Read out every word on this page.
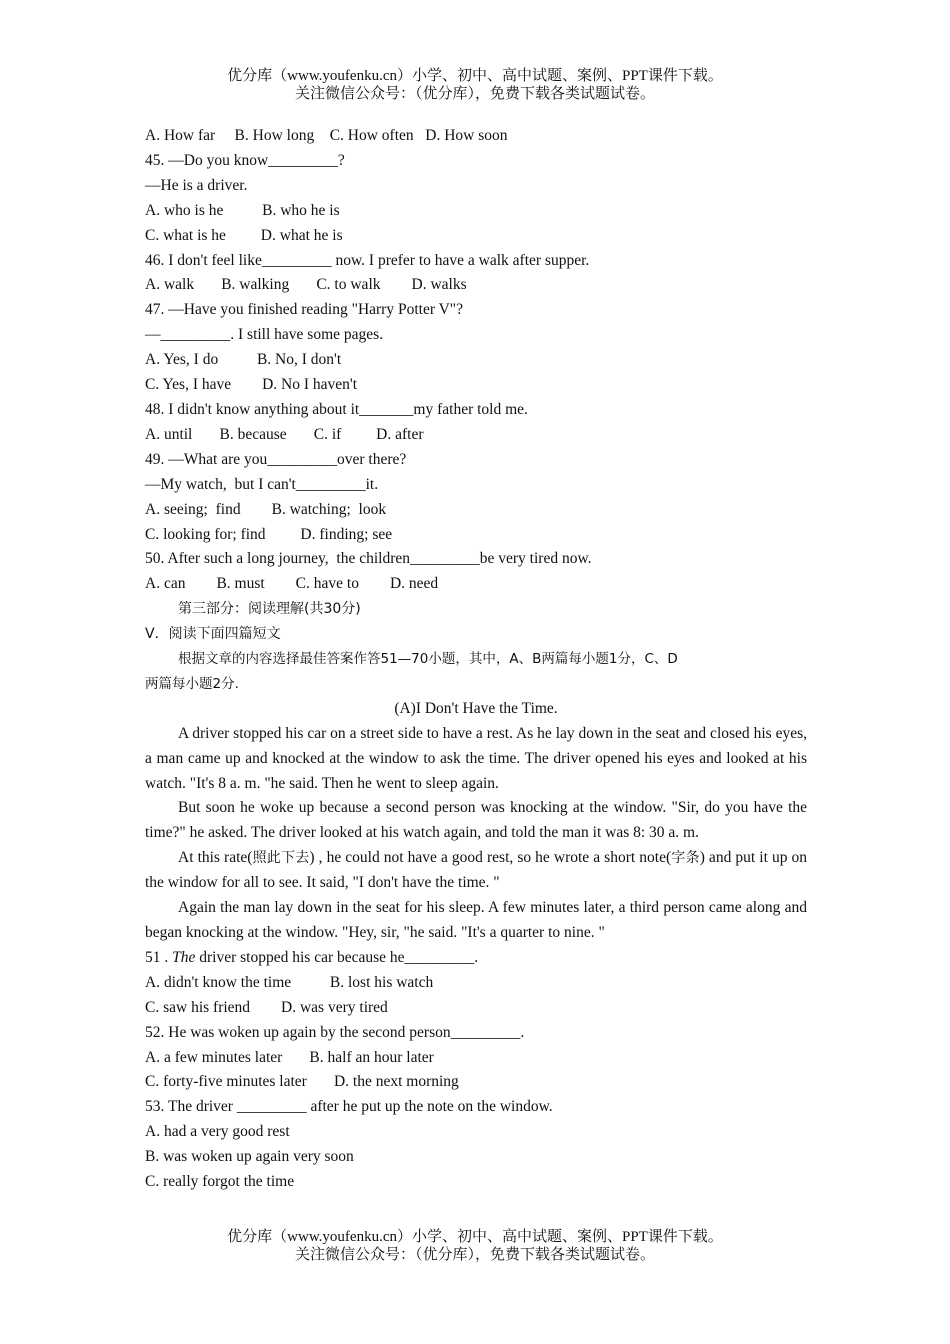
优分库（www.youfenku.cn）小学、初中、高中试题、案例、PPT课件下载。
关注微信公众号：（优分库），免费下载各类试题试卷。
A. How far     B. How long    C. How often   D. How soon
45. —Do you know_________?
—He is a driver.
A. who is he          B. who he is
C. what is he         D. what he is
46. I don't feel like_________ now. I prefer to have a walk after supper.
A. walk       B. walking       C. to walk        D. walks
47. —Have you finished reading "Harry Potter V"?
—_________. I still have some pages.
A. Yes, I do          B. No, I don't
C. Yes, I have        D. No I haven't
48. I didn't know anything about it_______my father told me.
A. until       B. because       C. if         D. after
49. —What are you_________over there?
—My watch,  but I can't_________it.
A. seeing;  find        B. watching;  look
C. looking for; find         D. finding; see
50. After such a long journey,  the children_________be very tired now.
A. can        B. must        C. have to        D. need
第三部分：阅读理解(共30分)
V．阅读下面四篇短文
根据文章的内容选择最佳答案作答51—70小题，其中，A、B两篇每小题1分，C、D
两篇每小题2分.
(A)I Don't Have the Time.

A driver stopped his car on a street side to have a rest. As he lay down in the seat and closed his eyes, a man came up and knocked at the window to ask the time. The driver opened his eyes and looked at his watch. "It's 8 a. m. "he said. Then he went to sleep again.

But soon he woke up because a second person was knocking at the window. "Sir, do you have the time?" he asked. The driver looked at his watch again, and told the man it was 8: 30 a. m.

At this rate(照此下去) , he could not have a good rest, so he wrote a short note(字条) and put it up on the window for all to see. It said, "I don't have the time. "

Again the man lay down in the seat for his sleep. A few minutes later, a third person came along and began knocking at the window. "Hey, sir, "he said. "It's a quarter to nine. "

51 . The driver stopped his car because he_________.
A. didn't know the time          B. lost his watch
C. saw his friend        D. was very tired
52. He was woken up again by the second person_________.
A. a few minutes later       B. half an hour later
C. forty-five minutes later       D. the next morning
53. The driver _________ after he put up the note on the window.
A. had a very good rest
B. was woken up again very soon
C. really forgot the time
优分库（www.youfenku.cn）小学、初中、高中试题、案例、PPT课件下载。
关注微信公众号：（优分库），免费下载各类试题试卷。
